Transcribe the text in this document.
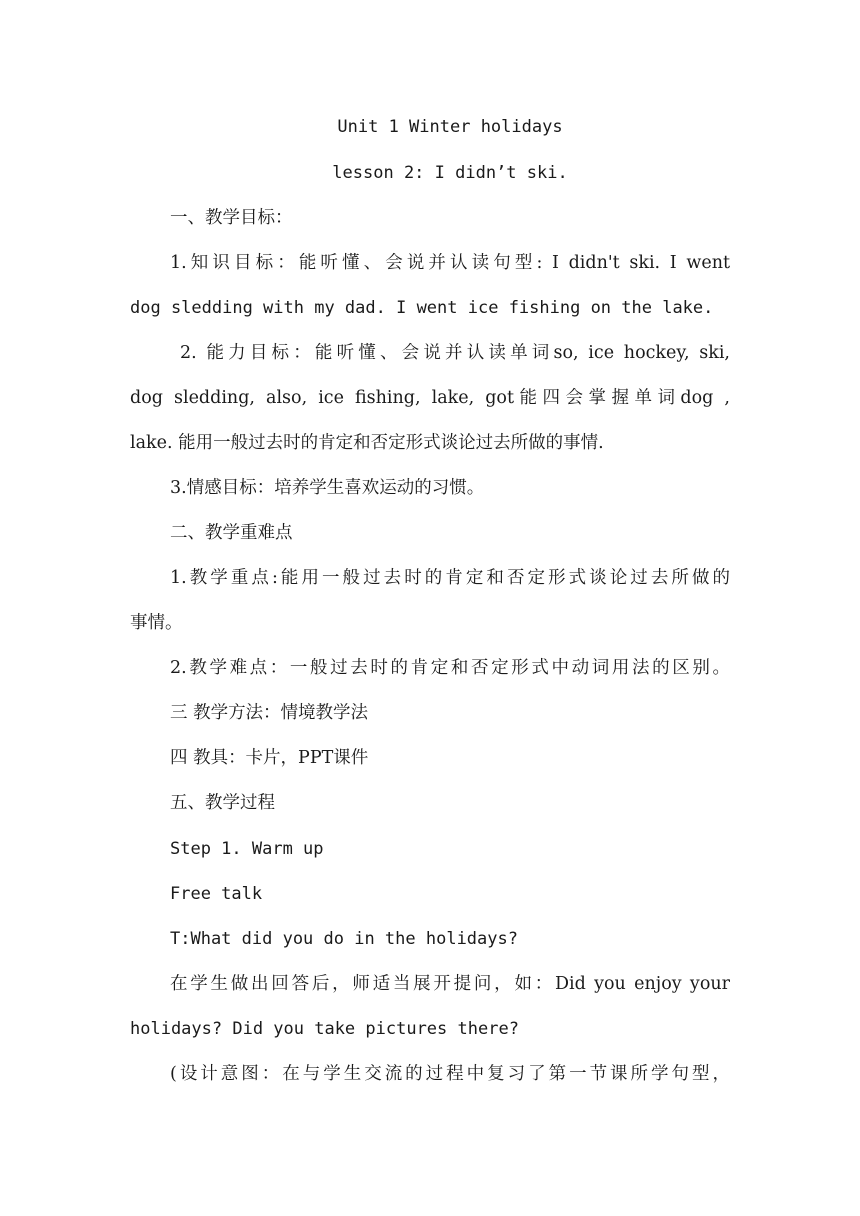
Unit 1 Winter holidays
lesson 2: I didn’t ski.
一、教学目标：
1.知识目标：能听懂、会说并认读句型: I didn't ski. I went
dog sledding with my dad. I went ice fishing on the lake.
2. 能力目标：能听懂、会说并认读单词so, ice hockey, ski,
dog sledding, also, ice fishing, lake, got能四会掌握单词dog ,
lake. 能用一般过去时的肯定和否定形式谈论过去所做的事情.
3.情感目标：培养学生喜欢运动的习惯。
二、教学重难点
1.教学重点:能用一般过去时的肯定和否定形式谈论过去所做的
事情。
2.教学难点：一般过去时的肯定和否定形式中动词用法的区别。
三 教学方法：情境教学法
四 教具：卡片，PPT课件
五、教学过程
Step 1. Warm up
Free talk
T:What did you do in the holidays?
在学生做出回答后，师适当展开提问，如：Did you enjoy your
holidays? Did you take pictures there?
(设计意图：在与学生交流的过程中复习了第一节课所学句型，
